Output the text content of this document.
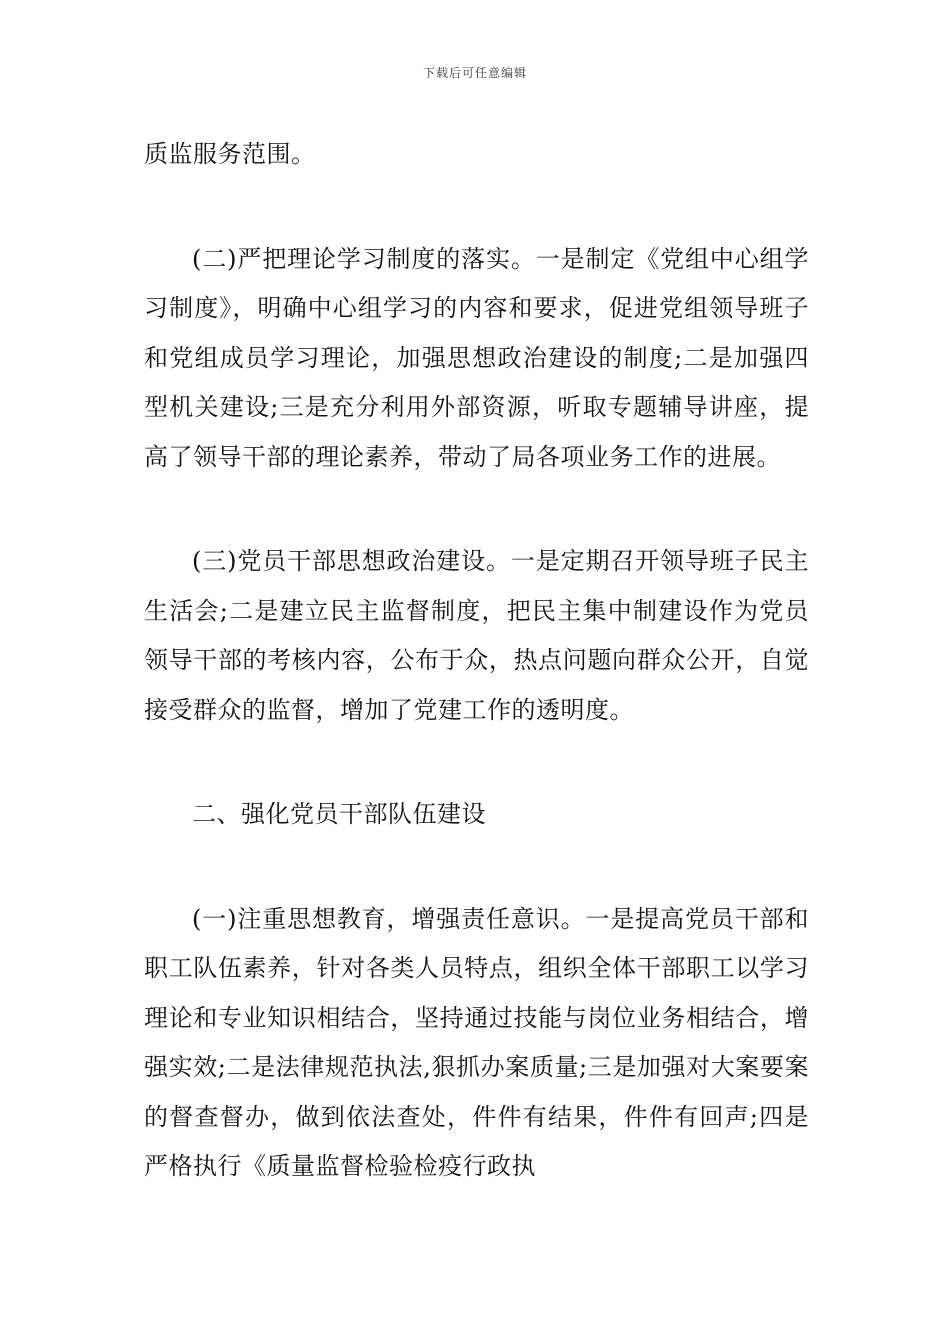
下载后可任意编辑

质监服务范围。

(二)严把理论学习制度的落实。一是制定《党组中心组学习制度》，明确中心组学习的内容和要求，促进党组领导班子和党组成员学习理论，加强思想政治建设的制度;二是加强四型机关建设;三是充分利用外部资源，听取专题辅导讲座，提高了领导干部的理论素养，带动了局各项业务工作的进展。

(三)党员干部思想政治建设。一是定期召开领导班子民主生活会;二是建立民主监督制度，把民主集中制建设作为党员领导干部的考核内容，公布于众，热点问题向群众公开，自觉接受群众的监督，增加了党建工作的透明度。

二、强化党员干部队伍建设

(一)注重思想教育，增强责任意识。一是提高党员干部和职工队伍素养，针对各类人员特点，组织全体干部职工以学习理论和专业知识相结合，坚持通过技能与岗位业务相结合，增强实效;二是法律规范执法,狠抓办案质量;三是加强对大案要案的督查督办，做到依法查处，件件有结果，件件有回声;四是严格执行《质量监督检验检疫行政执
